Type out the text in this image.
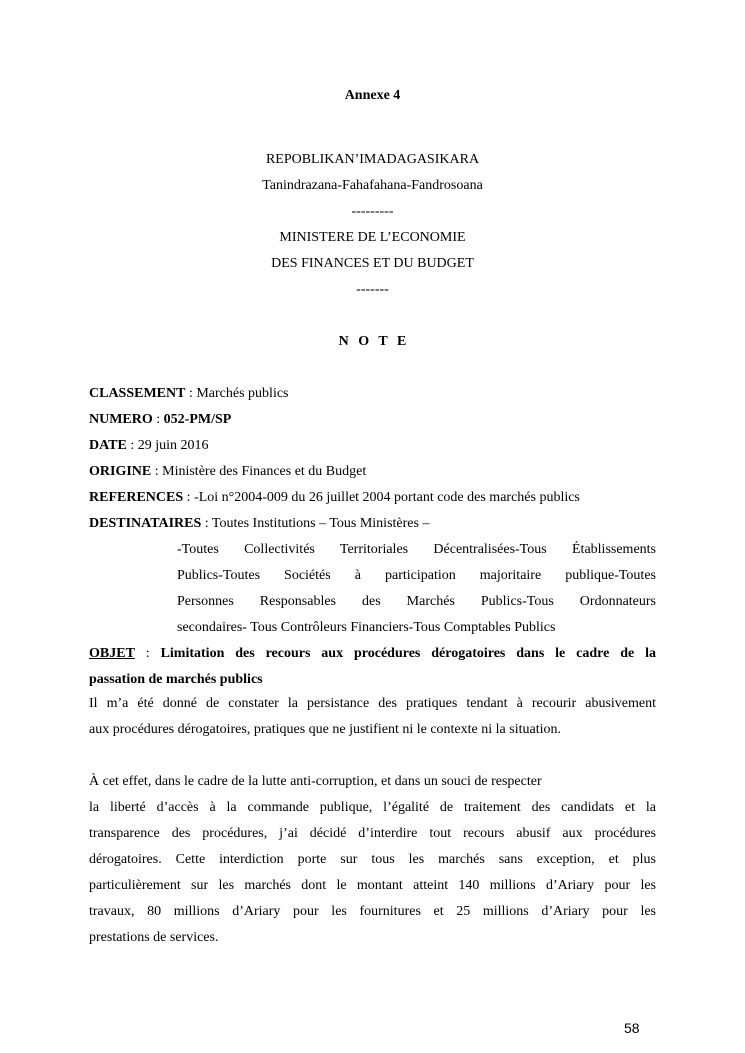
Annexe 4
REPOBLIKAN’IMADAGASIKARA
Tanindrazana-Fahafahana-Fandrosoana
---------
MINISTERE DE L’ECONOMIE
DES FINANCES ET DU BUDGET
-------
N O T E
CLASSEMENT : Marchés publics
NUMERO : 052-PM/SP
DATE : 29 juin 2016
ORIGINE : Ministère des Finances et du Budget
REFERENCES : -Loi n°2004-009 du 26 juillet 2004 portant code des marchés publics
DESTINATAIRES : Toutes Institutions – Tous Ministères –
-Toutes Collectivités Territoriales Décentralisées-Tous Établissements
Publics-Toutes Sociétés à participation majoritaire publique-Toutes
Personnes Responsables des Marchés Publics-Tous Ordonnateurs
secondaires- Tous Contrôleurs Financiers-Tous Comptables Publics
OBJET : Limitation des recours aux procédures dérogatoires dans le cadre de la
passation de marchés publics
Il m’a été donné de constater la persistance des pratiques tendant à recourir abusivement
aux procédures dérogatoires, pratiques que ne justifient ni le contexte ni la situation.
À cet effet, dans le cadre de la lutte anti-corruption, et dans un souci de respecter
la liberté d’accès à la commande publique, l’égalité de traitement des candidats et la
transparence des procédures, j’ai décidé d’interdire tout recours abusif aux procédures
dérogatoires. Cette interdiction porte sur tous les marchés sans exception, et plus
particulièrement sur les marchés dont le montant atteint 140 millions d’Ariary pour les
travaux, 80 millions d’Ariary pour les fournitures et 25 millions d’Ariary pour les
prestations de services.
58
